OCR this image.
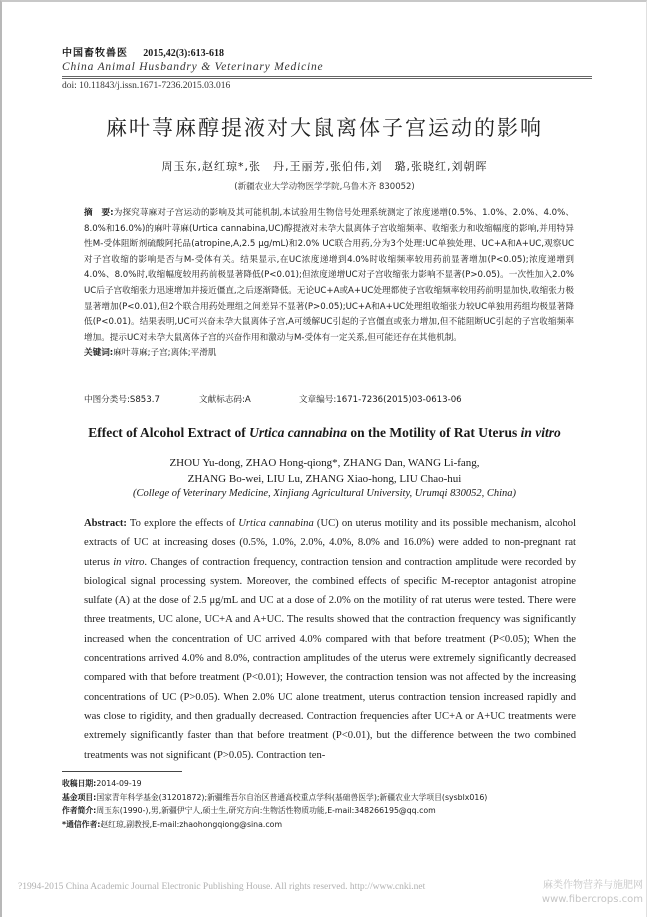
中国畜牧兽医 2015,42(3):613-618
China Animal Husbandry & Veterinary Medicine
doi: 10.11843/j.issn.1671-7236.2015.03.016
麻叶荨麻醇提液对大鼠离体子宫运动的影响
周玉东,赵红琼*,张　丹,王丽芳,张伯伟,刘　璐,张晓红,刘朝晖
(新疆农业大学动物医学学院,乌鲁木齐 830052)
摘　要:为探究荨麻对子宫运动的影响及其可能机制,本试验用生物信号处理系统测定了浓度递增(0.5%、1.0%、2.0%、4.0%、8.0%和16.0%)的麻叶荨麻(Urtica cannabina,UC)醇提液对未孕大鼠离体子宫收缩频率、收缩张力和收缩幅度的影响,并用特异性M-受体阻断剂硫酸阿托品(atropine,A,2.5 μg/mL)和2.0% UC联合用药,分为3个处理:UC单独处理、UC+A和A+UC,观察UC对子宫收缩的影响是否与M-受体有关。结果显示,在UC浓度递增到4.0%时收缩频率较用药前显著增加(P<0.05);浓度递增到4.0%、8.0%时,收缩幅度较用药前极显著降低(P<0.01);但浓度递增UC对子宫收缩张力影响不显著(P>0.05)。一次性加入2.0% UC后子宫收缩张力迅速增加并接近僵直,之后逐渐降低。无论UC+A或A+UC处理都使子宫收缩频率较用药前明显加快,收缩张力极显著增加(P<0.01),但2个联合用药处理组之间差异不显著(P>0.05);UC+A和A+UC处理组收缩张力较UC单独用药组均极显著降低(P<0.01)。结果表明,UC可兴奋未孕大鼠离体子宫,A可缓解UC引起的子宫僵直或张力增加,但不能阻断UC引起的子宫收缩频率增加。提示UC对未孕大鼠离体子宫的兴奋作用和激动与M-受体有一定关系,但可能还存在其他机制。
关键词:麻叶荨麻;子宫;离体;平滑肌
中图分类号:S853.7	文献标志码:A	文章编号:1671-7236(2015)03-0613-06
Effect of Alcohol Extract of Urtica cannabina on the Motility of Rat Uterus in vitro
ZHOU Yu-dong, ZHAO Hong-qiong*, ZHANG Dan, WANG Li-fang,
ZHANG Bo-wei, LIU Lu, ZHANG Xiao-hong, LIU Chao-hui
(College of Veterinary Medicine, Xinjiang Agricultural University, Urumqi 830052, China)
Abstract: To explore the effects of Urtica cannabina (UC) on uterus motility and its possible mechanism, alcohol extracts of UC at increasing doses (0.5%, 1.0%, 2.0%, 4.0%, 8.0% and 16.0%) were added to non-pregnant rat uterus in vitro. Changes of contraction frequency, contraction tension and contraction amplitude were recorded by biological signal processing system. Moreover, the combined effects of specific M-receptor antagonist atropine sulfate (A) at the dose of 2.5 μg/mL and UC at a dose of 2.0% on the motility of rat uterus were tested. There were three treatments, UC alone, UC+A and A+UC. The results showed that the contraction frequency was significantly increased when the concentration of UC arrived 4.0% compared with that before treatment (P<0.05); When the concentrations arrived 4.0% and 8.0%, contraction amplitudes of the uterus were extremely significantly decreased compared with that before treatment (P<0.01); However, the contraction tension was not affected by the increasing concentrations of UC (P>0.05). When 2.0% UC alone treatment, uterus contraction tension increased rapidly and was close to rigidity, and then gradually decreased. Contraction frequencies after UC+A or A+UC treatments were extremely significantly faster than that before treatment (P<0.01), but the difference between the two combined treatments was not significant (P>0.05). Contraction ten-
收稿日期:2014-09-19
基金项目:国家青年科学基金(31201872);新疆维吾尔自治区普通高校重点学科(基础兽医学);新疆农业大学项目(sysblx016)
作者简介:周玉东(1990-),男,新疆伊宁人,硕士生,研究方向:生物活性物质功能,E-mail:348266195@qq.com
*通信作者:赵红琼,副教授,E-mail:zhaohongqiong@sina.com
?1994-2015 China Academic Journal Electronic Publishing House. All rights reserved. http://www.cnki.net	麻类作物营养与施肥网
www.fibercrops.com
